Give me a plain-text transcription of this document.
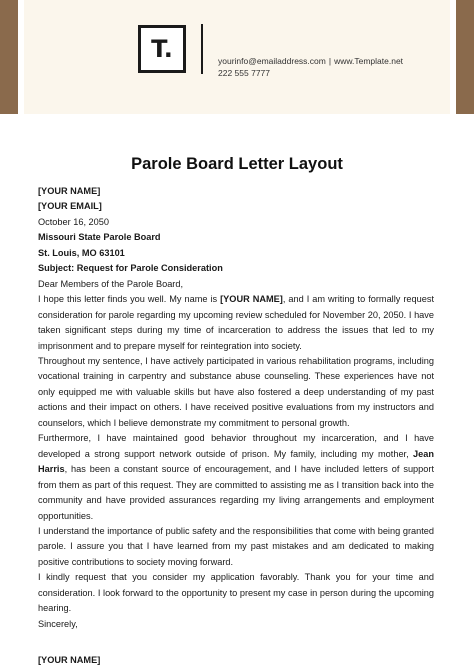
T.	yourinfo@emailaddress.com | www.Template.net
222 555 7777
Parole Board Letter Layout
[YOUR NAME]
[YOUR EMAIL]
October 16, 2050
Missouri State Parole Board
St. Louis, MO 63101
Subject: Request for Parole Consideration
Dear Members of the Parole Board,
I hope this letter finds you well. My name is [YOUR NAME], and I am writing to formally request consideration for parole regarding my upcoming review scheduled for November 20, 2050. I have taken significant steps during my time of incarceration to address the issues that led to my imprisonment and to prepare myself for reintegration into society.
Throughout my sentence, I have actively participated in various rehabilitation programs, including vocational training in carpentry and substance abuse counseling. These experiences have not only equipped me with valuable skills but have also fostered a deep understanding of my past actions and their impact on others. I have received positive evaluations from my instructors and counselors, which I believe demonstrate my commitment to personal growth.
Furthermore, I have maintained good behavior throughout my incarceration, and I have developed a strong support network outside of prison. My family, including my mother, Jean Harris, has been a constant source of encouragement, and I have included letters of support from them as part of this request. They are committed to assisting me as I transition back into the community and have provided assurances regarding my living arrangements and employment opportunities.
I understand the importance of public safety and the responsibilities that come with being granted parole. I assure you that I have learned from my past mistakes and am dedicated to making positive contributions to society moving forward.
I kindly request that you consider my application favorably. Thank you for your time and consideration. I look forward to the opportunity to present my case in person during the upcoming hearing.
Sincerely,
[YOUR NAME]
